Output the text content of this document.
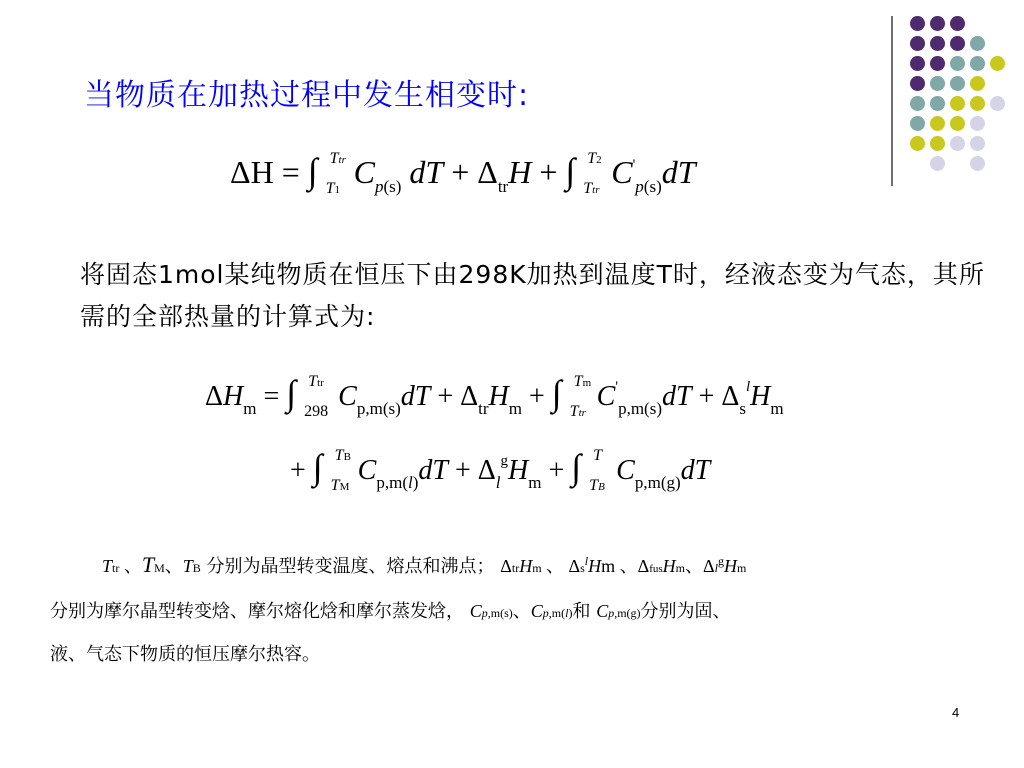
当物质在加热过程中发生相变时:
ΔH = ∫ Ttr
T1 $C_{p(s)}$ dT + $\Delta_{tr}H$ + ∫ T2
Ttr $C'_{p(s)}dT$
将固态1mol某纯物质在恒压下由298K加热到温度T时，经液态变为气态，其所需的全部热量的计算式为:
$\Delta H_m$ = ∫ Ttr
298 $C_{p,m(s)}dT + \Delta_{tr}H_m$ + ∫ Tm
Ttr
$C'_{p,m(s)}dT + \Delta_s^lH_m$
+ ∫ TB
TM
$C_{p,m(l)}dT + \Delta_l^gH_m$ + ∫ T
TB
$C_{p,m(g)}dT$
Ttr 、TM、TB 分别为晶型转变温度、熔点和沸点； ΔtrHm 、 $\Delta s^lHm$ 、ΔfusHm、$\Delta l^gHm$
分别为摩尔晶型转变焓、摩尔熔化焓和摩尔蒸发焓， Cp,m(s)、Cp,m(l)和 Cp,m(g)分别为固、
液、气态下物质的恒压摩尔热容。
4
